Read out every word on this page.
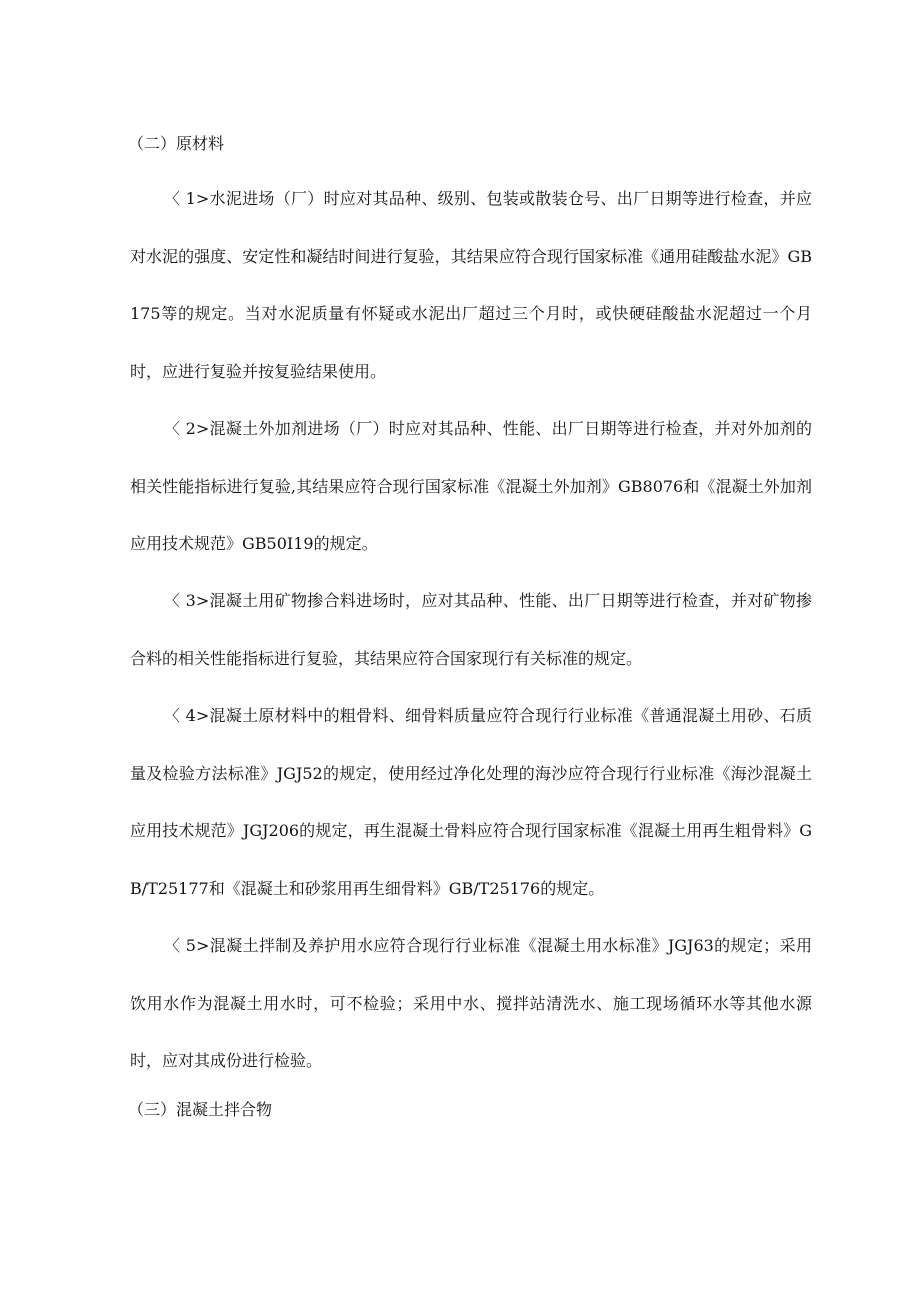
（二）原材料
〈 1>水泥进场（厂）时应对其品种、级别、包装或散装仓号、出厂日期等进行检查，并应对水泥的强度、安定性和凝结时间进行复验，其结果应符合现行国家标准《通用硅酸盐水泥》GB175等的规定。当对水泥质量有怀疑或水泥出厂超过三个月时，或快硬硅酸盐水泥超过一个月时，应进行复验并按复验结果使用。
〈 2>混凝土外加剂进场（厂）时应对其品种、性能、出厂日期等进行检查，并对外加剂的相关性能指标进行复验,其结果应符合现行国家标准《混凝土外加剂》GB8076和《混凝土外加剂应用技术规范》GB50I19的规定。
〈 3>混凝土用矿物掺合料进场时，应对其品种、性能、出厂日期等进行检查，并对矿物掺合料的相关性能指标进行复验，其结果应符合国家现行有关标准的规定。
〈 4>混凝土原材料中的粗骨料、细骨料质量应符合现行行业标准《普通混凝土用砂、石质量及检验方法标准》JGJ52的规定，使用经过净化处理的海沙应符合现行行业标准《海沙混凝土应用技术规范》JGJ206的规定，再生混凝土骨料应符合现行国家标准《混凝土用再生粗骨料》GB/T25177和《混凝土和砂浆用再生细骨料》GB/T25176的规定。
〈 5>混凝土拌制及养护用水应符合现行行业标准《混凝土用水标准》JGJ63的规定；采用饮用水作为混凝土用水时，可不检验；采用中水、搅拌站清洗水、施工现场循环水等其他水源时，应对其成份进行检验。
（三）混凝土拌合物
